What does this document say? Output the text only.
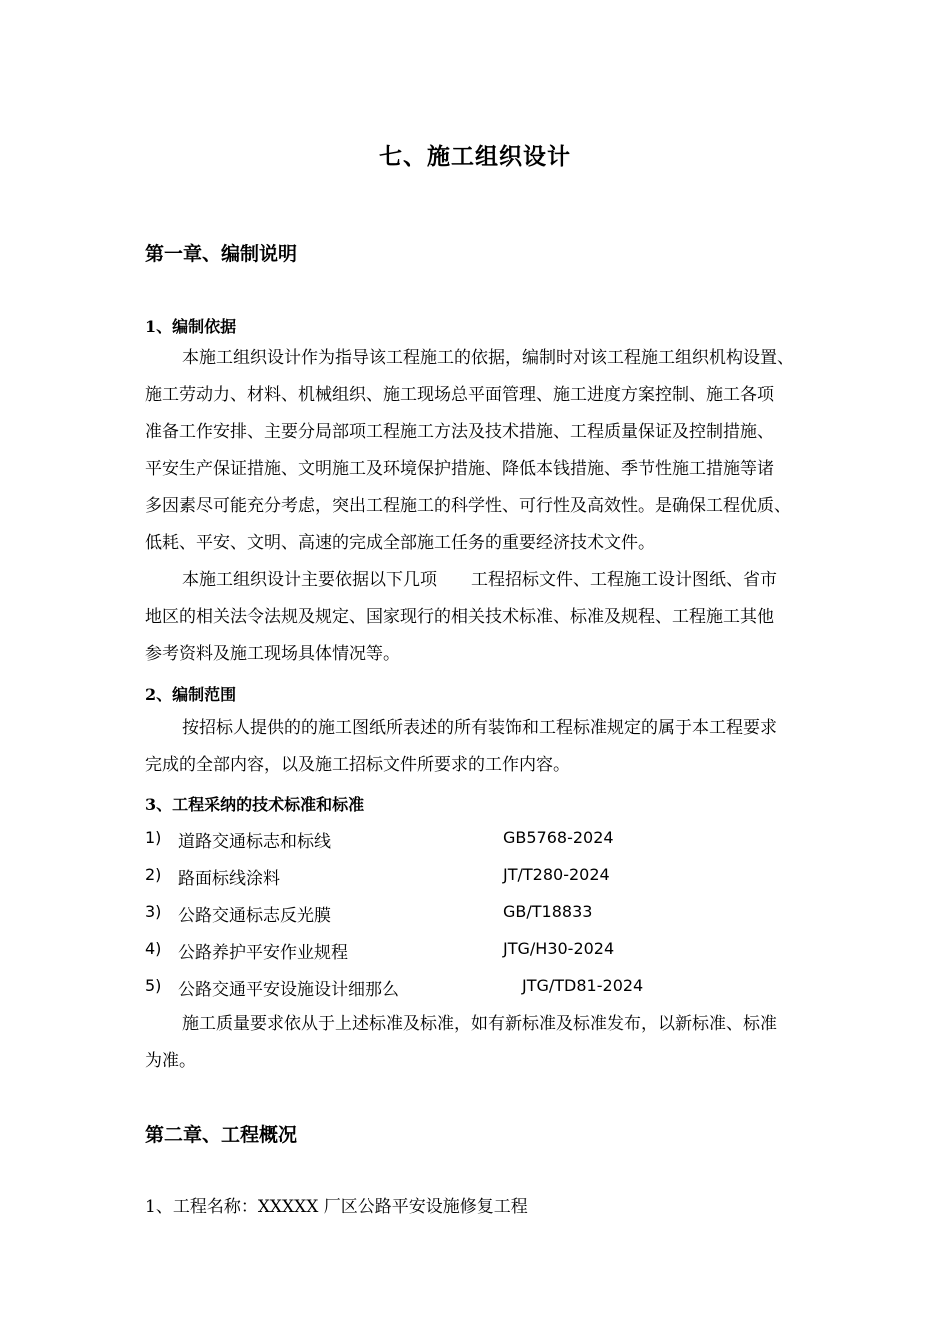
七、施工组织设计
第一章、编制说明
1、编制依据
本施工组织设计作为指导该工程施工的依据，编制时对该工程施工组织机构设置、
施工劳动力、材料、机械组织、施工现场总平面管理、施工进度方案控制、施工各项
准备工作安排、主要分局部项工程施工方法及技术措施、工程质量保证及控制措施、
平安生产保证措施、文明施工及环境保护措施、降低本钱措施、季节性施工措施等诸
多因素尽可能充分考虑，突出工程施工的科学性、可行性及高效性。是确保工程优质、
低耗、平安、文明、高速的完成全部施工任务的重要经济技术文件。
本施工组织设计主要依据以下几项　　工程招标文件、工程施工设计图纸、省市
地区的相关法令法规及规定、国家现行的相关技术标准、标准及规程、工程施工其他
参考资料及施工现场具体情况等。
2、编制范围
按招标人提供的的施工图纸所表述的所有装饰和工程标准规定的属于本工程要求
完成的全部内容，以及施工招标文件所要求的工作内容。
3、工程采纳的技术标准和标准
1) 道路交通标志和标线	GB5768-2024
2) 路面标线涂料	JT/T280-2024
3) 公路交通标志反光膜	GB/T18833
4) 公路养护平安作业规程	JTG/H30-2024
5) 公路交通平安设施设计细那么	JTG/TD81-2024
施工质量要求依从于上述标准及标准，如有新标准及标准发布，以新标准、标准
为准。
第二章、工程概况
1、工程名称：XXXXX 厂区公路平安设施修复工程
